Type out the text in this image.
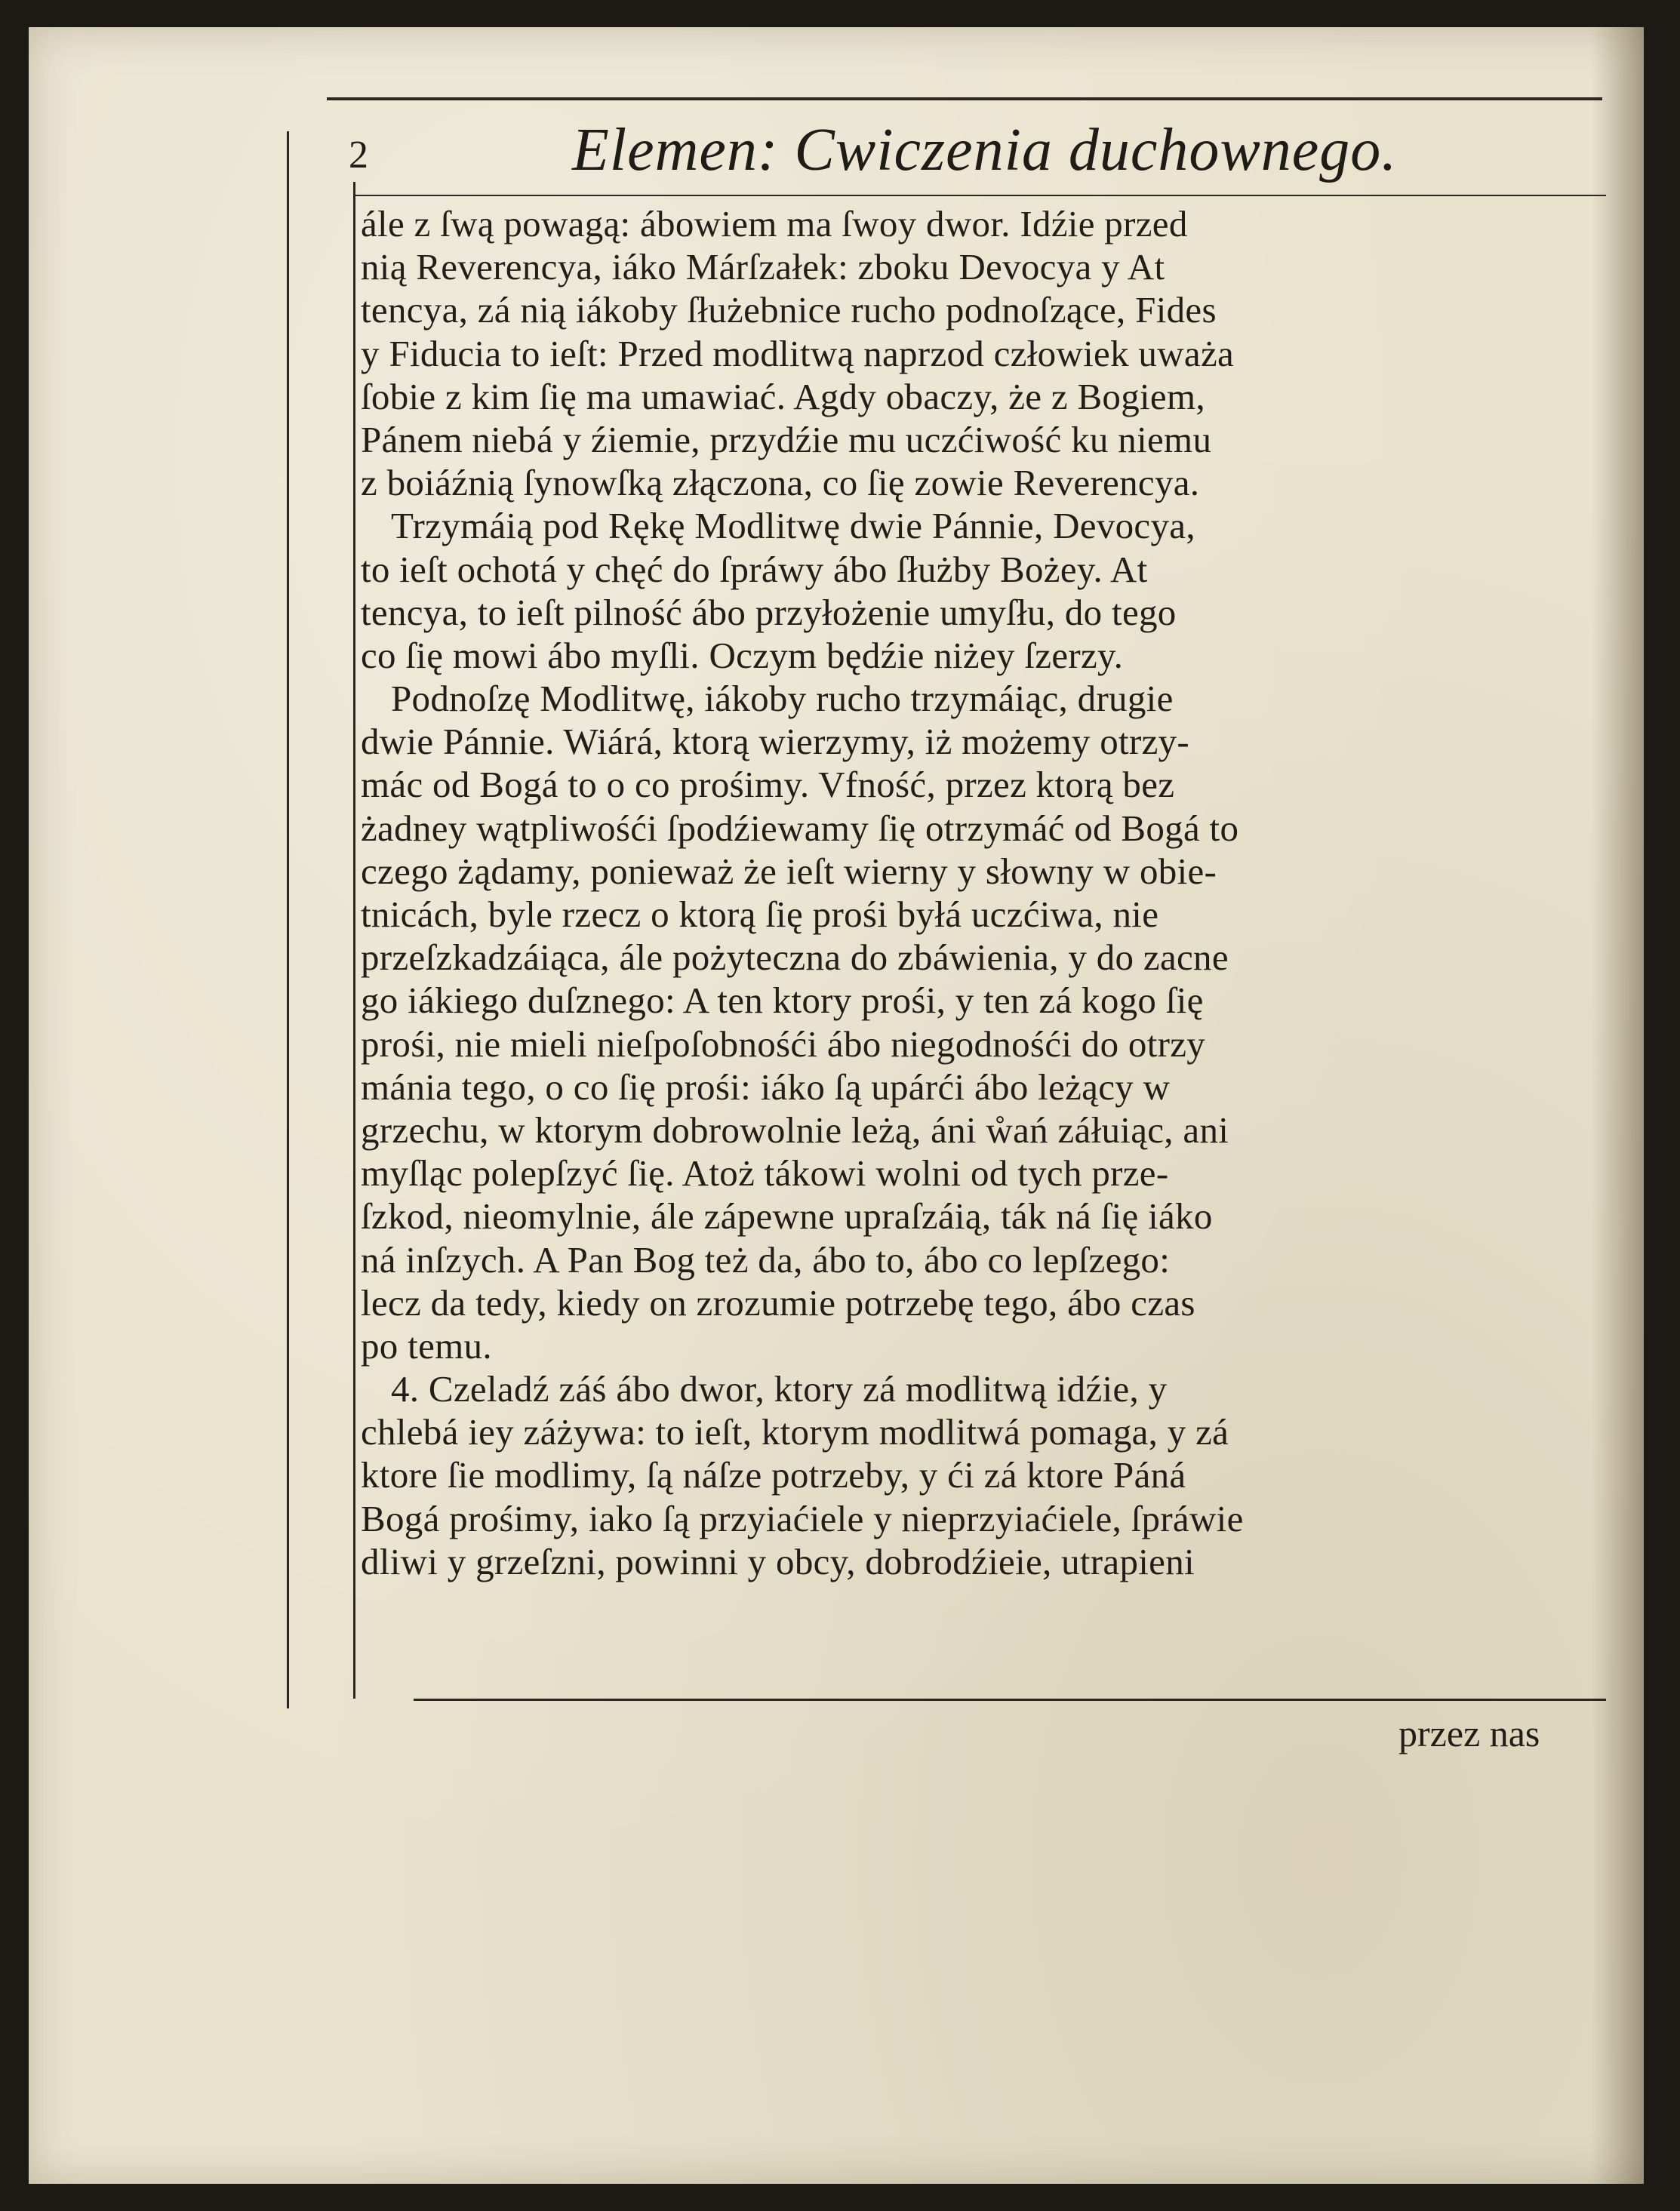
2	Elemen: Cwiczenia duchownego.
ále z ſwą powagą: ábowiem ma ſwoy dwor. Idźie przed
nią Reverencya, iáko Márſzałek: zboku Devocya y At
tencya, zá nią iákoby ſłużebnice rucho podnoſzące, Fides
y Fiducia to ieſt: Przed modlitwą naprzod człowiek uważa
ſobie z kim ſię ma umawiać. Agdy obaczy, że z Bogiem,
Pánem niebá y źiemie, przydźie mu uczćiwość ku niemu
z boiáźnią ſynowſką złączona, co ſię zowie Reverencya.
Trzymáią pod Rękę Modlitwę dwie Pánnie, Devocya,
to ieſt ochotá y chęć do ſpráwy ábo ſłużby Bożey. At
tencya, to ieſt pilność ábo przyłożenie umyſłu, do tego
co ſię mowi ábo myſli. Oczym będźie niżey ſzerzy.
Podnoſzę Modlitwę, iákoby rucho trzymáiąc, drugie
dwie Pánnie. Wiárá, ktorą wierzymy, iż możemy otrzy-
mác od Bogá to o co prośimy. Vfność, przez ktorą bez
żadney wątpliwośći ſpodźiewamy ſię otrzymáć od Bogá to
czego żądamy, ponieważ że ieſt wierny y słowny w obie-
tnicách, byle rzecz o ktorą ſię prośi byłá uczćiwa, nie
przeſzkadzáiąca, ále pożyteczna do zbáwienia, y do zacne
go iákiego duſznego: A ten ktory prośi, y ten zá kogo ſię
prośi, nie mieli nieſpoſobnośći ábo niegodnośći do otrzy
mánia tego, o co ſię prośi: iáko ſą upárći ábo leżący w
grzechu, w ktorym dobrowolnie leżą, áni ẘań záłuiąc, ani
myſląc polepſzyć ſię. Atoż tákowi wolni od tych prze-
ſzkod, nieomylnie, ále zápewne upraſzáią, ták ná ſię iáko
ná inſzych. A Pan Bog też da, ábo to, ábo co lepſzego:
lecz da tedy, kiedy on zrozumie potrzebę tego, ábo czas
po temu.
4. Czeladź záś ábo dwor, ktory zá modlitwą idźie, y
chlebá iey záżywa: to ieſt, ktorym modlitwá pomaga, y zá
ktore ſie modlimy, ſą náſze potrzeby, y ći zá ktore Páná
Bogá prośimy, iako ſą przyiaćiele y nieprzyiaćiele, ſpráwie
dliwi y grzeſzni, powinni y obcy, dobrodźieie, utrapieni
przez nas
